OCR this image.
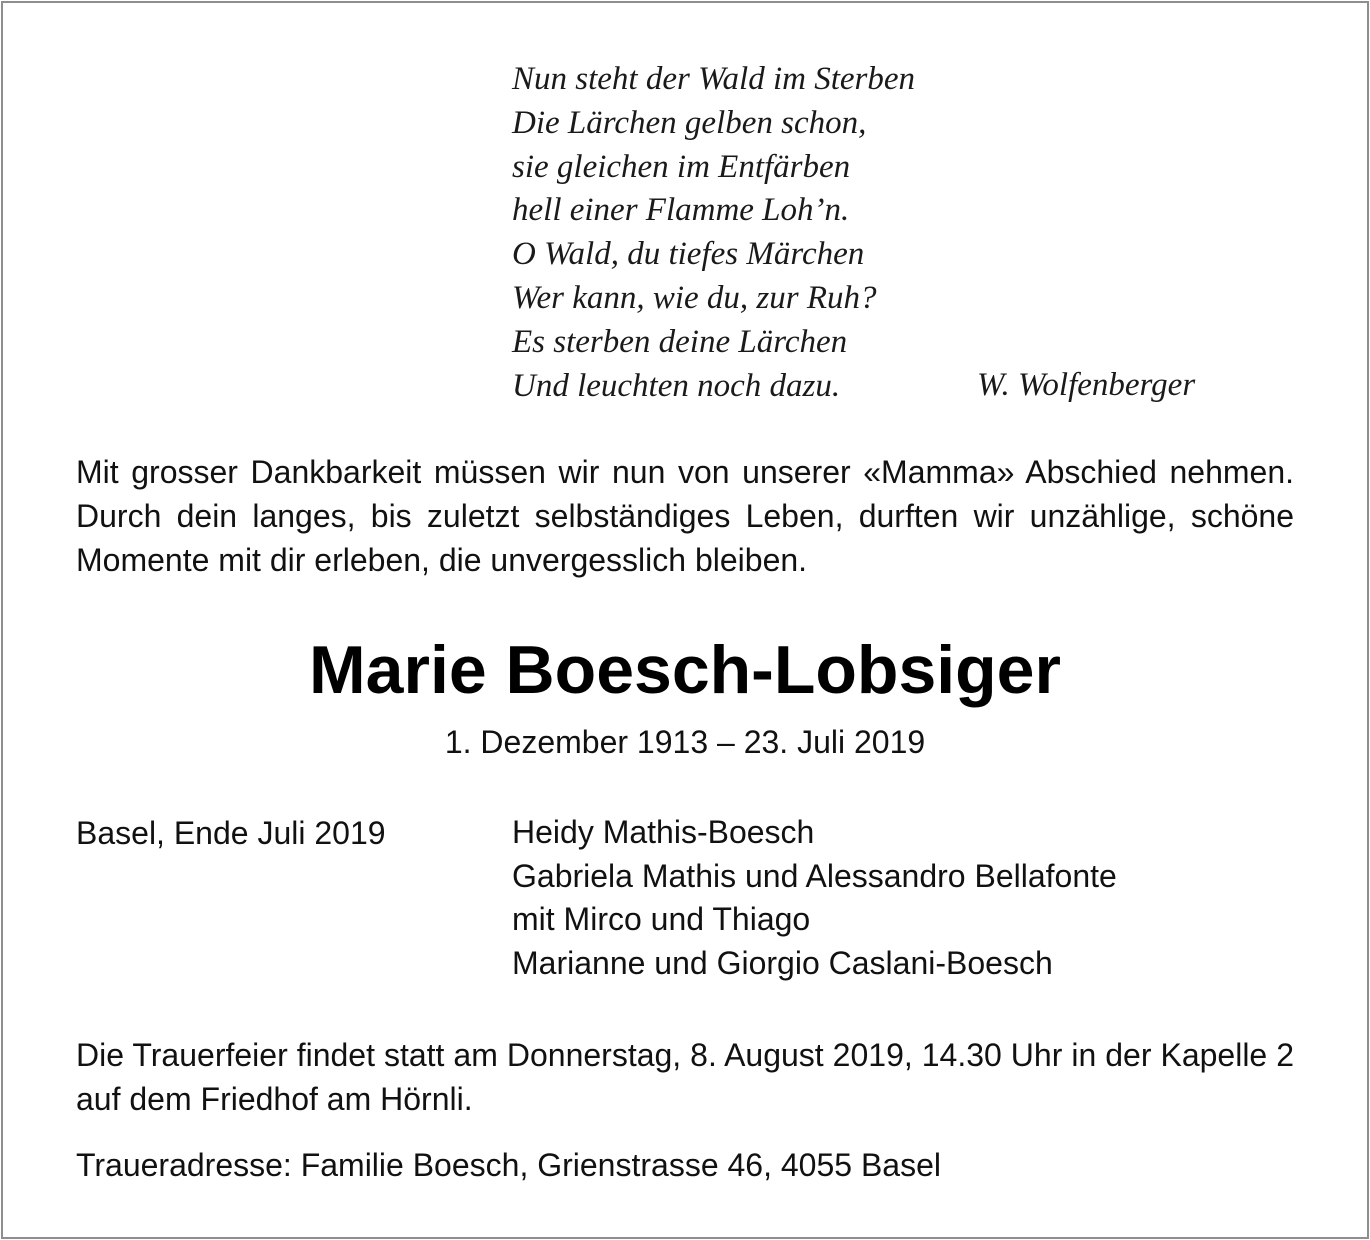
Nun steht der Wald im Sterben
Die Lärchen gelben schon,
sie gleichen im Entfärben
hell einer Flamme Loh’n.
O Wald, du tiefes Märchen
Wer kann, wie du, zur Ruh?
Es sterben deine Lärchen
Und leuchten noch dazu.	W. Wolfenberger
Mit grosser Dankbarkeit müssen wir nun von unserer «Mamma» Abschied nehmen. Durch dein langes, bis zuletzt selbständiges Leben, durften wir unzählige, schöne Momente mit dir erleben, die unvergesslich bleiben.
Marie Boesch-Lobsiger
1. Dezember 1913 – 23. Juli 2019
Basel, Ende Juli 2019	Heidy Mathis-Boesch
Gabriela Mathis und Alessandro Bellafonte
mit Mirco und Thiago
Marianne und Giorgio Caslani-Boesch
Die Trauerfeier findet statt am Donnerstag, 8. August 2019, 14.30 Uhr in der Kapelle 2 auf dem Friedhof am Hörnli.
Traueradresse: Familie Boesch, Grienstrasse 46, 4055 Basel
